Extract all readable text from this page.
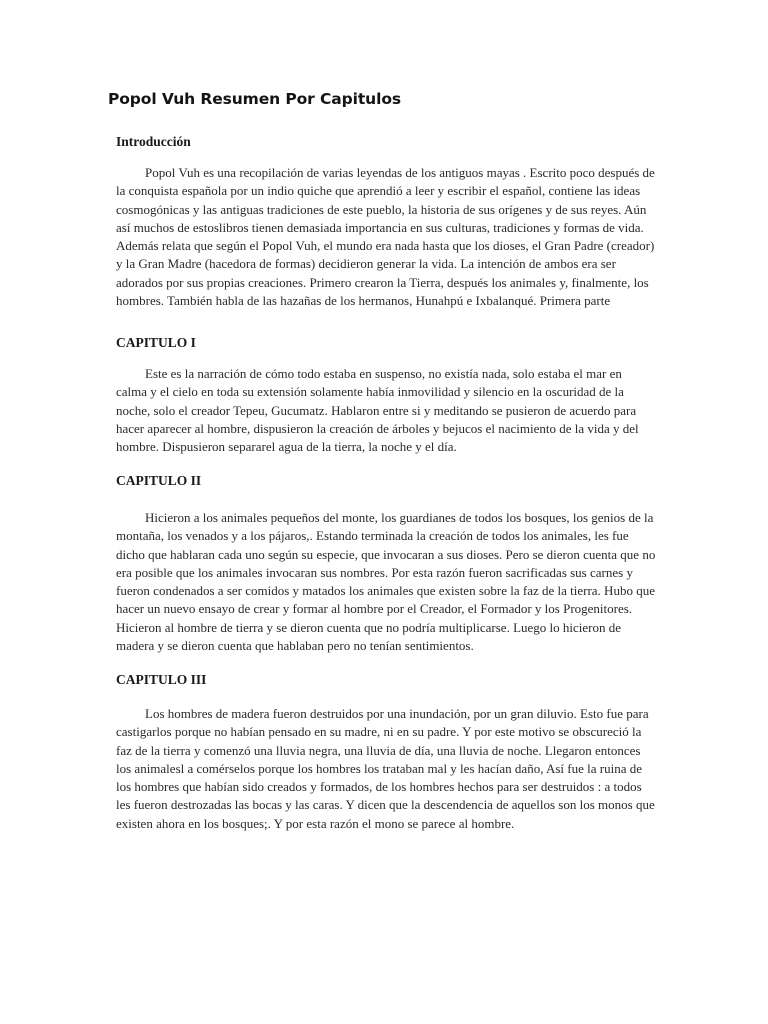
Popol Vuh Resumen Por Capitulos
Introducción

Popol Vuh es una recopilación de varias leyendas de los antiguos mayas . Escrito poco después de la conquista española por un indio quiche que aprendió a leer y escribir el español, contiene las ideas cosmogónicas y las antiguas tradiciones de este pueblo, la historia de sus orígenes y de sus reyes. Aún así muchos de estoslibros tienen demasiada importancia en sus culturas, tradiciones y formas de vida. Además relata que según el Popol Vuh, el mundo era nada hasta que los dioses, el Gran Padre (creador) y la Gran Madre (hacedora de formas) decidieron generar la vida. La intención de ambos era ser adorados por sus propias creaciones. Primero crearon la Tierra, después los animales y, finalmente, los hombres. También habla de las hazañas de los hermanos, Hunahpú e Ixbalanqué. Primera parte

CAPITULO I

Este es la narración de cómo todo estaba en suspenso, no existía nada, solo estaba el mar en calma y el cielo en toda su extensión solamente había inmovilidad y silencio en la oscuridad de la noche, solo el creador Tepeu, Gucumatz. Hablaron entre si y meditando se pusieron de acuerdo para hacer aparecer al hombre, dispusieron la creación de árboles y bejucos el nacimiento de la vida y del hombre. Dispusieron separarel agua de la tierra, la noche y el día.

CAPITULO II

Hicieron a los animales pequeños del monte, los guardianes de todos los bosques, los genios de la montaña, los venados y a los pájaros,. Estando terminada la creación de todos los animales, les fue dicho que hablaran cada uno según su especie, que invocaran a sus dioses. Pero se dieron cuenta que no era posible que los animales invocaran sus nombres. Por esta razón fueron sacrificadas sus carnes y fueron condenados a ser comidos y matados los animales que existen sobre la faz de la tierra. Hubo que hacer un nuevo ensayo de crear y formar al hombre por el Creador, el Formador y los Progenitores. Hicieron al hombre de tierra y se dieron cuenta que no podría multiplicarse. Luego lo hicieron de madera y se dieron cuenta que hablaban pero no tenían sentimientos.

CAPITULO III

Los hombres de madera fueron destruidos por una inundación, por un gran diluvio. Esto fue para castigarlos porque no habían pensado en su madre, ni en su padre. Y por este motivo se obscureció la faz de la tierra y comenzó una lluvia negra, una lluvia de día, una lluvia de noche. Llegaron entonces los animalesl a comérselos porque los hombres los trataban mal y les hacían daño, Así fue la ruina de los hombres que habían sido creados y formados, de los hombres hechos para ser destruidos : a todos les fueron destrozadas las bocas y las caras. Y dicen que la descendencia de aquellos son los monos que existen ahora en los bosques;. Y por esta razón el mono se parece al hombre.
